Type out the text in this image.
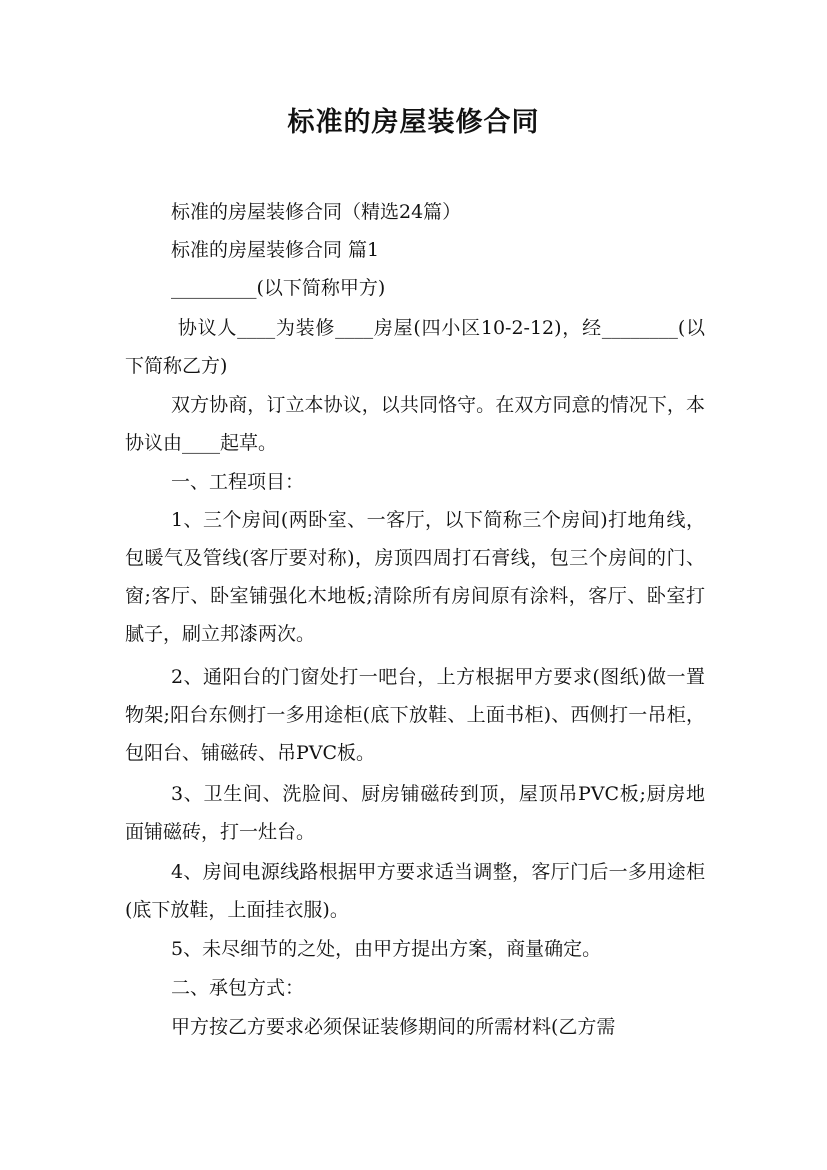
标准的房屋装修合同
标准的房屋装修合同（精选24篇）
标准的房屋装修合同 篇1
_________(以下简称甲方)
协议人____为装修____房屋(四小区10-2-12)，经________(以下简称乙方)
双方协商，订立本协议，以共同恪守。在双方同意的情况下，本协议由____起草。
一、工程项目：
1、三个房间(两卧室、一客厅，以下简称三个房间)打地角线，包暖气及管线(客厅要对称)，房顶四周打石膏线，包三个房间的门、窗;客厅、卧室铺强化木地板;清除所有房间原有涂料，客厅、卧室打腻子，刷立邦漆两次。
2、通阳台的门窗处打一吧台，上方根据甲方要求(图纸)做一置物架;阳台东侧打一多用途柜(底下放鞋、上面书柜)、西侧打一吊柜，包阳台、铺磁砖、吊PVC板。
3、卫生间、洗脸间、厨房铺磁砖到顶，屋顶吊PVC板;厨房地面铺磁砖，打一灶台。
4、房间电源线路根据甲方要求适当调整，客厅门后一多用途柜(底下放鞋，上面挂衣服)。
5、未尽细节的之处，由甲方提出方案，商量确定。
二、承包方式：
甲方按乙方要求必须保证装修期间的所需材料(乙方需
